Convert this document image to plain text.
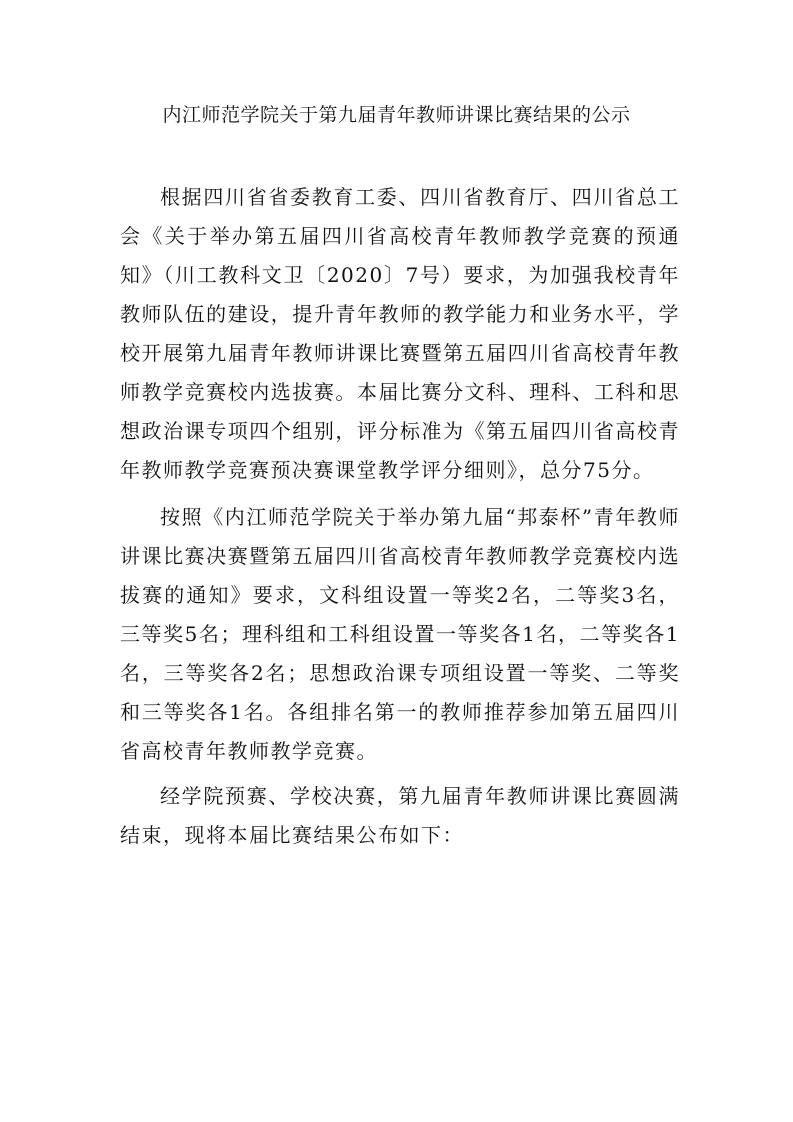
内江师范学院关于第九届青年教师讲课比赛结果的公示

根据四川省省委教育工委、四川省教育厅、四川省总工会《关于举办第五届四川省高校青年教师教学竞赛的预通知》（川工教科文卫〔2020〕7号）要求，为加强我校青年教师队伍的建设，提升青年教师的教学能力和业务水平，学校开展第九届青年教师讲课比赛暨第五届四川省高校青年教师教学竞赛校内选拔赛。本届比赛分文科、理科、工科和思想政治课专项四个组别，评分标准为《第五届四川省高校青年教师教学竞赛预决赛课堂教学评分细则》，总分75分。

按照《内江师范学院关于举办第九届“邦泰杯”青年教师讲课比赛决赛暨第五届四川省高校青年教师教学竞赛校内选拔赛的通知》要求，文科组设置一等奖2名，二等奖3名，三等奖5名；理科组和工科组设置一等奖各1名，二等奖各1名，三等奖各2名；思想政治课专项组设置一等奖、二等奖和三等奖各1名。各组排名第一的教师推荐参加第五届四川省高校青年教师教学竞赛。

经学院预赛、学校决赛，第九届青年教师讲课比赛圆满结束，现将本届比赛结果公布如下：
